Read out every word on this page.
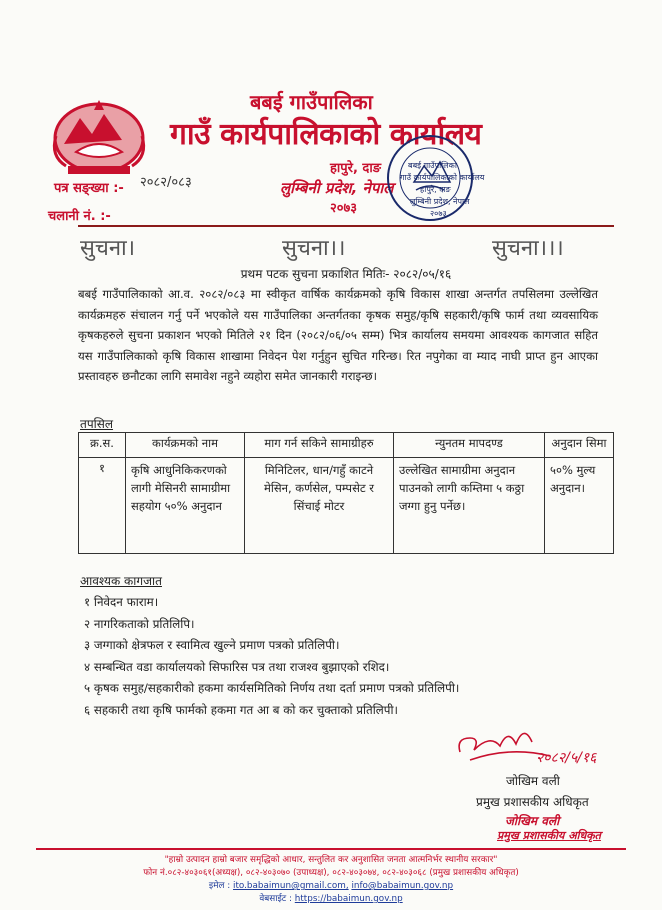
बबई गाउँपालिका
गाउँ कार्यपालिकाको कार्यालय
हापुरे, दाङ
लुम्बिनी प्रदेश, नेपाल
२०७३
बबई गाउँपालिका
गाउँ कार्यपालिकाको कार्यालय
हापुरे, दाङ
लुम्बिनी प्रदेश, नेपाल
२०७३
पत्र सङ्ख्या :- २०८२/०८३
चलानी नं. :-
सुचना।	सुचना।।	सुचना।।।
प्रथम पटक सुचना प्रकाशित मितिः- २०८२/०५/१६
बबई गाउँपालिकाको आ.व. २०८२/०८३ मा स्वीकृत वार्षिक कार्यक्रमको कृषि विकास शाखा अन्तर्गत तपसिलमा उल्लेखित कार्यक्रमहरु संचालन गर्नु पर्ने भएकोले यस गाउँपालिका अन्तर्गतका कृषक समुह/कृषि सहकारी/कृषि फार्म तथा व्यवसायिक कृषकहरुले सुचना प्रकाशन भएको मितिले २१ दिन (२०८२/०६/०५ सम्म) भित्र कार्यालय समयमा आवश्यक कागजात सहित यस गाउँपालिकाको कृषि विकास शाखामा निवेदन पेश गर्नुहुन सुचित गरिन्छ। रित नपुगेका वा म्याद नाघी प्राप्त हुन आएका प्रस्तावहरु छनौटका लागि समावेश नहुने व्यहोरा समेत जानकारी गराइन्छ।
तपसिल
क्र.स.	कार्यक्रमको नाम	माग गर्न सकिने सामाग्रीहरु	न्युनतम मापदण्ड	अनुदान सिमा
१	कृषि आधुनिकिकरणको लागी मेसिनरी सामाग्रीमा सहयोग ५०% अनुदान	मिनिटिलर, धान/गहुँ काटने मेसिन, कर्णसेल, पम्पसेट र सिंचाई मोटर	उल्लेखित सामाग्रीमा अनुदान पाउनको लागी कम्तिमा ५ कठ्ठा जग्गा हुनु पर्नेछ।	५०% मुल्य अनुदान।
आवश्यक कागजात
१ निवेदन फाराम।
२ नागरिकताको प्रतिलिपि।
३ जग्गाको क्षेत्रफल र स्वामित्व खुल्ने प्रमाण पत्रको प्रतिलिपी।
४ सम्बन्धित वडा कार्यालयको सिफारिस पत्र तथा राजश्व बुझाएको रशिद।
५ कृषक समुह/सहकारीको हकमा कार्यसमितिको निर्णय तथा दर्ता प्रमाण पत्रको प्रतिलिपी।
६ सहकारी तथा कृषि फार्मको हकमा गत आ ब को कर चुक्ताको प्रतिलिपी।
२०८२/५/१६
जोखिम वली
प्रमुख प्रशासकीय अधिकृत
जोखिम वली
प्रमुख प्रशासकीय अधिकृत
"हाम्रो उत्पादन हाम्रो बजार समृद्धिको आधार, सन्तुलित कर अनुशासित जनता आत्मनिर्भर स्थानीय सरकार"
फोन नं.०८२-४०३०६१(अध्यक्ष), ०८२-४०३०७० (उपाध्यक्ष), ०८२-४०३०७४, ०८२-४०३०६८ (प्रमुख प्रशासकीय अधिकृत)
इमेल : ito.babaimun@gmail.com, info@babaimun.gov.np
वेबसाईट : https://babaimun.gov.np
